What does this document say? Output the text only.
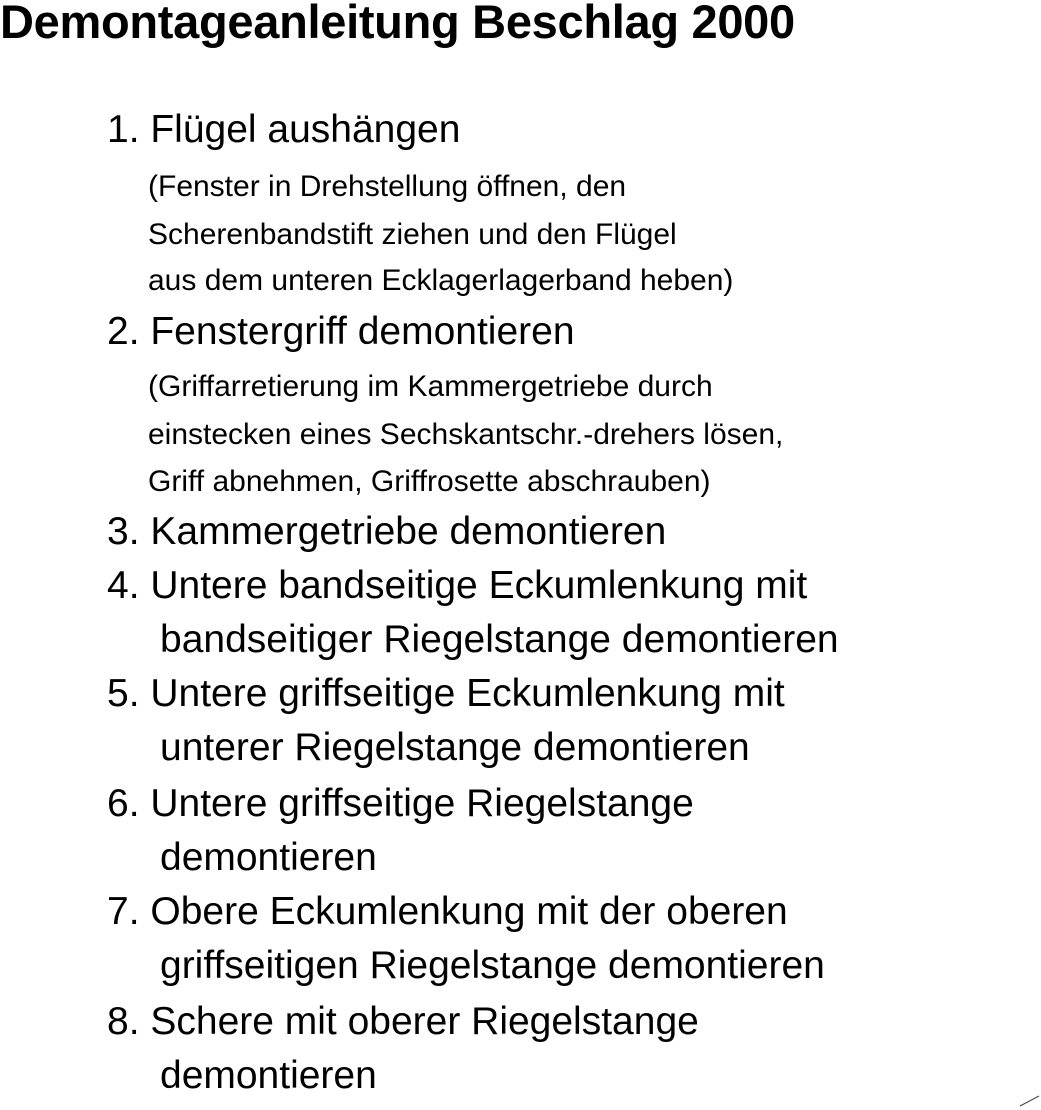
Demontageanleitung Beschlag 2000
1. Flügel aushängen
(Fenster in Drehstellung öffnen, den
Scherenbandstift ziehen und den Flügel
aus dem unteren Ecklagerlagerband heben)
2. Fenstergriff demontieren
(Griffarretierung im Kammergetriebe durch
einstecken eines Sechskantschr.-drehers lösen,
Griff abnehmen, Griffrosette abschrauben)
3. Kammergetriebe demontieren
4. Untere bandseitige Eckumlenkung mit
bandseitiger Riegelstange demontieren
5. Untere griffseitige Eckumlenkung mit
unterer Riegelstange demontieren
6. Untere griffseitige Riegelstange
demontieren
7. Obere Eckumlenkung mit der oberen
griffseitigen Riegelstange demontieren
8. Schere mit oberer Riegelstange
demontieren
